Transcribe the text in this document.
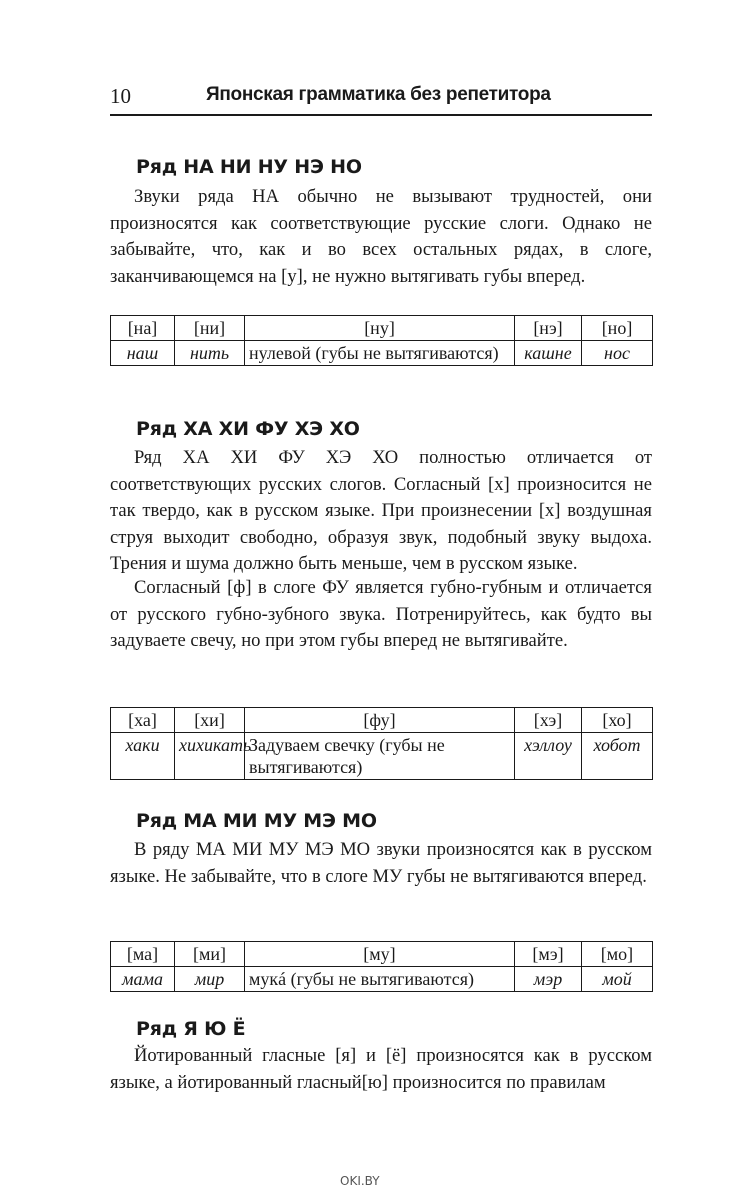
10	Японская грамматика без репетитора
Ряд НА НИ НУ НЭ НО

Звуки ряда НА обычно не вызывают трудностей, они произносятся как соответствующие русские слоги. Однако не забывайте, что, как и во всех остальных рядах, в слоге, заканчивающемся на [у], не нужно вытягивать губы вперед.

[на]	[ни]	[ну]	[нэ]	[но]
наш	нить	нулевой (губы не вытягиваются)	кашне	нос
Ряд ХА ХИ ФУ ХЭ ХО

Ряд ХА ХИ ФУ ХЭ ХО полностью отличается от соответствующих русских слогов. Согласный [х] произносится не так твердо, как в русском языке. При произнесении [х] воздушная струя выходит свободно, образуя звук, подобный звуку выдоха. Трения и шума должно быть меньше, чем в русском языке.

Согласный [ф] в слоге ФУ является губно-губным и отличается от русского губно-зубного звука. Потренируйтесь, как будто вы задуваете свечу, но при этом губы вперед не вытягивайте.

[ха]	[хи]	[фу]	[хэ]	[хо]
хаки	хихикать	Задуваем свечку (губы не вытягиваются)	хэллоу	хобот
Ряд МА МИ МУ МЭ МО

В ряду МА МИ МУ МЭ МО звуки произносятся как в русском языке. Не забывайте, что в слоге МУ губы не вытягиваются вперед.

[ма]	[ми]	[му]	[мэ]	[мо]
мама	мир	мукá (губы не вытягиваются)	мэр	мой
Ряд Я Ю Ё

Йотированный гласные [я] и [ё] произносятся как в русском языке, а йотированный гласный[ю] произносится по правилам

OKI.BY
